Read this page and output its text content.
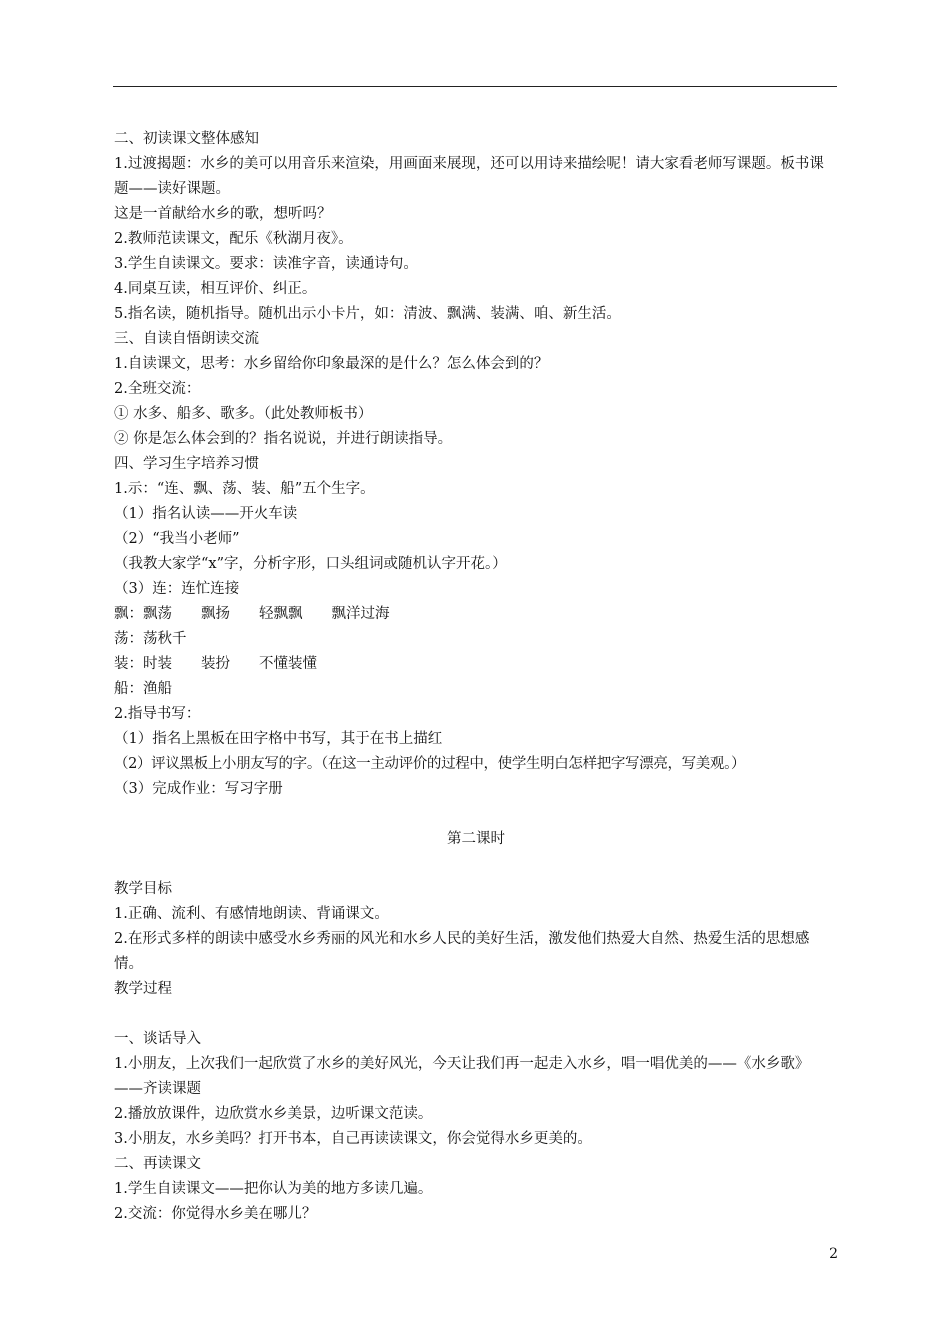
二、初读课文整体感知
1.过渡揭题：水乡的美可以用音乐来渲染，用画面来展现，还可以用诗来描绘呢！请大家看老师写课题。板书课题——读好课题。
这是一首献给水乡的歌，想听吗？
2.教师范读课文，配乐《秋湖月夜》。
3.学生自读课文。要求：读准字音，读通诗句。
4.同桌互读，相互评价、纠正。
5.指名读，随机指导。随机出示小卡片，如：清波、飘满、装满、咱、新生活。
三、自读自悟朗读交流
1.自读课文，思考：水乡留给你印象最深的是什么？怎么体会到的？
2.全班交流：
① 水多、船多、歌多。（此处教师板书）
② 你是怎么体会到的？指名说说，并进行朗读指导。
四、学习生字培养习惯
1.示：“连、飘、荡、装、船”五个生字。
（1）指名认读——开火车读
（2）“我当小老师”
（我教大家学“x”字，分析字形，口头组词或随机认字开花。）
（3）连：连忙连接
飘：飘荡　　飘扬　　轻飘飘　　飘洋过海
荡：荡秋千
装：时装　　装扮　　不懂装懂
船：渔船
2.指导书写：
（1）指名上黑板在田字格中书写，其于在书上描红
（2）评议黑板上小朋友写的字。（在这一主动评价的过程中，使学生明白怎样把字写漂亮，写美观。）
（3）完成作业：写习字册
第二课时
教学目标
1.正确、流利、有感情地朗读、背诵课文。
2.在形式多样的朗读中感受水乡秀丽的风光和水乡人民的美好生活，激发他们热爱大自然、热爱生活的思想感情。
教学过程
一、谈话导入
1.小朋友，上次我们一起欣赏了水乡的美好风光，今天让我们再一起走入水乡，唱一唱优美的——《水乡歌》——齐读课题
2.播放放课件，边欣赏水乡美景，边听课文范读。
3.小朋友，水乡美吗？打开书本，自己再读读课文，你会觉得水乡更美的。
二、再读课文
1.学生自读课文——把你认为美的地方多读几遍。
2.交流：你觉得水乡美在哪儿？
2
